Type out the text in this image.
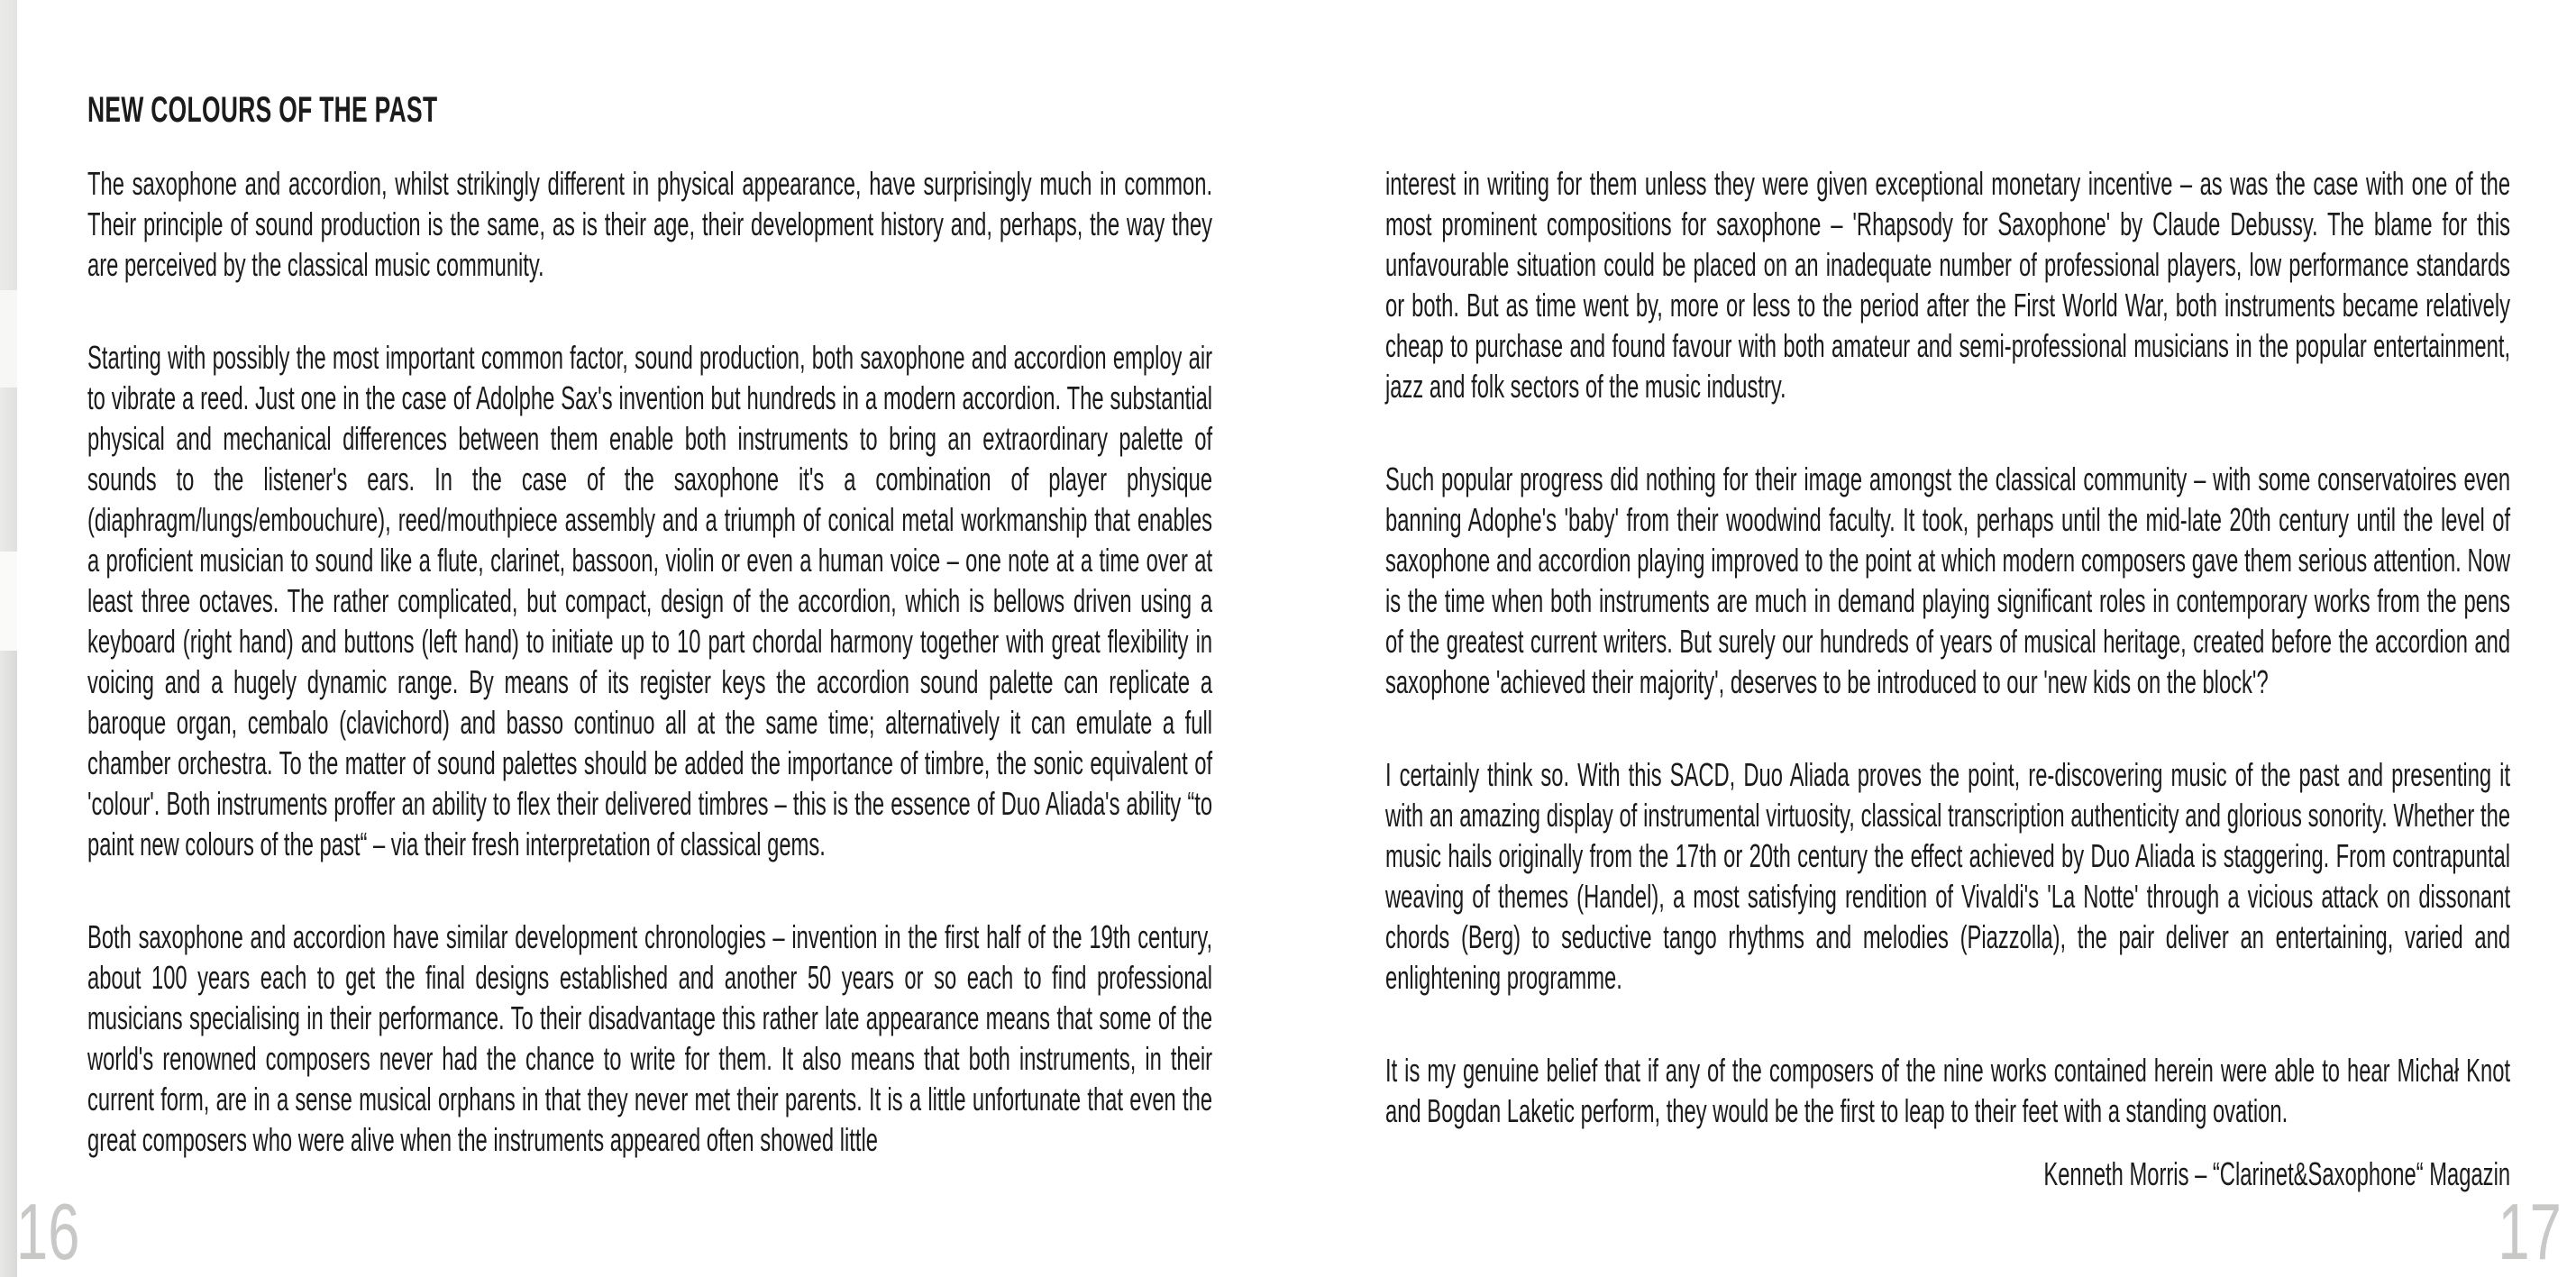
NEW COLOURS OF THE PAST

The saxophone and accordion, whilst strikingly different in physical appearance, have surprisingly much in common. Their principle of sound production is the same, as is their age, their development history and, perhaps, the way they are perceived by the classical music community.

Starting with possibly the most important common factor, sound production, both saxophone and accordion employ air to vibrate a reed. Just one in the case of Adolphe Sax's invention but hundreds in a modern accordion. The substantial physical and mechanical differences between them enable both instruments to bring an extraordinary palette of sounds to the listener's ears. In the case of the saxophone it's a combination of player physique (diaphragm/lungs/embouchure), reed/mouthpiece assembly and a triumph of conical metal workmanship that enables a proficient musician to sound like a flute, clarinet, bassoon, violin or even a human voice – one note at a time over at least three octaves. The rather complicated, but compact, design of the accordion, which is bellows driven using a keyboard (right hand) and buttons (left hand) to initiate up to 10 part chordal harmony together with great flexibility in voicing and a hugely dynamic range. By means of its register keys the accordion sound palette can replicate a baroque organ, cembalo (clavichord) and basso continuo all at the same time; alternatively it can emulate a full chamber orchestra. To the matter of sound palettes should be added the importance of timbre, the sonic equivalent of 'colour'. Both instruments proffer an ability to flex their delivered timbres – this is the essence of Duo Aliada's ability “to paint new colours of the past“ – via their fresh interpretation of classical gems.

Both saxophone and accordion have similar development chronologies – invention in the first half of the 19th century, about 100 years each to get the final designs established and another 50 years or so each to find professional musicians specialising in their performance. To their disadvantage this rather late appearance means that some of the world's renowned composers never had the chance to write for them. It also means that both instruments, in their current form, are in a sense musical orphans in that they never met their parents. It is a little unfortunate that even the great composers who were alive when the instruments appeared often showed little

interest in writing for them unless they were given exceptional monetary incentive – as was the case with one of the most prominent compositions for saxophone – 'Rhapsody for Saxophone' by Claude Debussy. The blame for this unfavourable situation could be placed on an inadequate number of professional players, low performance standards or both. But as time went by, more or less to the period after the First World War, both instruments became relatively cheap to purchase and found favour with both amateur and semi-professional musicians in the popular entertainment, jazz and folk sectors of the music industry.

Such popular progress did nothing for their image amongst the classical community – with some conservatoires even banning Adophe's 'baby' from their woodwind faculty. It took, perhaps until the mid-late 20th century until the level of saxophone and accordion playing improved to the point at which modern composers gave them serious attention. Now is the time when both instruments are much in demand playing significant roles in contemporary works from the pens of the greatest current writers. But surely our hundreds of years of musical heritage, created before the accordion and saxophone 'achieved their majority', deserves to be introduced to our 'new kids on the block'?

I certainly think so. With this SACD, Duo Aliada proves the point, re-discovering music of the past and presenting it with an amazing display of instrumental virtuosity, classical transcription authenticity and glorious sonority. Whether the music hails originally from the 17th or 20th century the effect achieved by Duo Aliada is staggering. From contrapuntal weaving of themes (Handel), a most satisfying rendition of Vivaldi's 'La Notte' through a vicious attack on dissonant chords (Berg) to seductive tango rhythms and melodies (Piazzolla), the pair deliver an entertaining, varied and enlightening programme.

It is my genuine belief that if any of the composers of the nine works contained herein were able to hear Michał Knot and Bogdan Laketic perform, they would be the first to leap to their feet with a standing ovation.

Kenneth Morris – “Clarinet&Saxophone“ Magazin

16	17
